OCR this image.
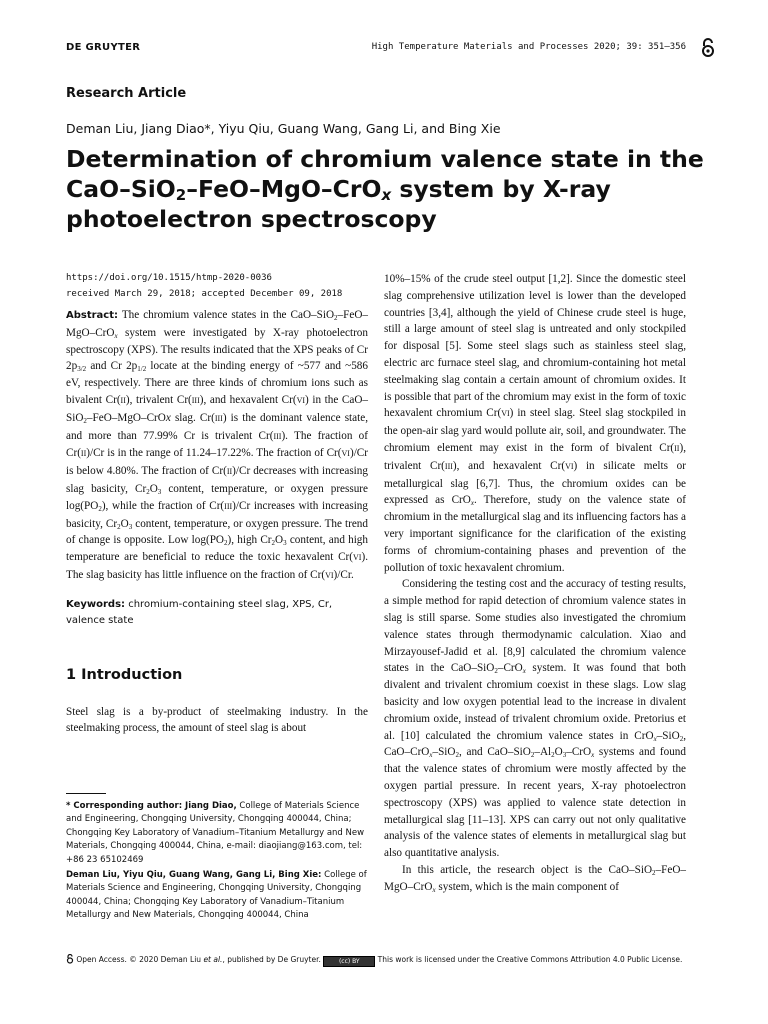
DE GRUYTER	High Temperature Materials and Processes 2020; 39: 351–356
Research Article
Deman Liu, Jiang Diao*, Yiyu Qiu, Guang Wang, Gang Li, and Bing Xie
Determination of chromium valence state in the
CaO–SiO$_2$–FeO–MgO–CrO$_x$ system by X-ray
photoelectron spectroscopy
https://doi.org/10.1515/htmp-2020-0036
received March 29, 2018; accepted December 09, 2018

Abstract: The chromium valence states in the CaO–SiO$_2$–FeO–MgO–CrO$_x$ system were investigated by X-ray photoelectron spectroscopy (XPS). The results indicated that the XPS peaks of Cr $2p_{3/2}$ and Cr $2p_{1/2}$ locate at the binding energy of ~577 and ~586 eV, respectively. There are three kinds of chromium ions such as bivalent Cr(II), trivalent Cr(III), and hexavalent Cr(VI) in the CaO–SiO$_2$–FeO–MgO–CrOx slag. Cr(III) is the dominant valence state, and more than 77.99% Cr is trivalent Cr(III). The fraction of Cr(II)/Cr is in the range of 11.24–17.22%. The fraction of Cr(VI)/Cr is below 4.80%. The fraction of Cr(II)/Cr decreases with increasing slag basicity, $Cr_2O_3$ content, temperature, or oxygen pressure $\log(PO_2)$, while the fraction of Cr(III)/Cr increases with increasing basicity, $Cr_2O_3$ content, temperature, or oxygen pressure. The trend of change is opposite. Low $\log(PO_2)$, high $Cr_2O_3$ content, and high temperature are beneficial to reduce the toxic hexavalent Cr(VI). The slag basicity has little influence on the fraction of Cr(VI)/Cr.

Keywords: chromium-containing steel slag, XPS, Cr, valence state

1 Introduction

Steel slag is a by-product of steelmaking industry. In the steelmaking process, the amount of steel slag is about

10%–15% of the crude steel output [1,2]. Since the domestic steel slag comprehensive utilization level is lower than the developed countries [3,4], although the yield of Chinese crude steel is huge, still a large amount of steel slag is untreated and only stockpiled for disposal [5]. Some steel slags such as stainless steel slag, electric arc furnace steel slag, and chromium-containing hot metal steelmaking slag contain a certain amount of chromium oxides. It is possible that part of the chromium may exist in the form of toxic hexavalent chromium Cr(VI) in steel slag. Steel slag stockpiled in the open-air slag yard would pollute air, soil, and groundwater. The chromium element may exist in the form of bivalent Cr(II), trivalent Cr(III), and hexavalent Cr(VI) in silicate melts or metallurgical slag [6,7]. Thus, the chromium oxides can be expressed as CrO$_x$. Therefore, study on the valence state of chromium in the metallurgical slag and its influencing factors has a very important significance for the clarification of the existing forms of chromium-containing phases and prevention of the pollution of toxic hexavalent chromium.

Considering the testing cost and the accuracy of testing results, a simple method for rapid detection of chromium valence states in slag is still sparse. Some studies also investigated the chromium valence states through thermodynamic calculation. Xiao and Mirzayousef-Jadid et al. [8,9] calculated the chromium valence states in the CaO–SiO$_2$–CrO$_x$ system. It was found that both divalent and trivalent chromium coexist in these slags. Low slag basicity and low oxygen potential lead to the increase in divalent chromium oxide, instead of trivalent chromium oxide. Pretorius et al. [10] calculated the chromium valence states in CrO$_x$–SiO$_2$, CaO–CrO$_x$–SiO$_2$, and CaO–$SiO_2-Al_2O_3-CrO_x$ systems and found that the valence states of chromium were mostly affected by the oxygen partial pressure. In recent years, X-ray photoelectron spectroscopy (XPS) was applied to valence state detection in metallurgical slag [11–13]. XPS can carry out not only qualitative analysis of the valence states of elements in metallurgical slag but also quantitative analysis.

In this article, the research object is the CaO–SiO$_2$–FeO–MgO–CrO$_x$ system, which is the main component of

* Corresponding author: Jiang Diao, College of Materials Science and Engineering, Chongqing University, Chongqing 400044, China; Chongqing Key Laboratory of Vanadium–Titanium Metallurgy and New Materials, Chongqing 400044, China, e-mail: diaojiang@163.com, tel: +86 23 65102469

Deman Liu, Yiyu Qiu, Guang Wang, Gang Li, Bing Xie: College of Materials Science and Engineering, Chongqing University, Chongqing 400044, China; Chongqing Key Laboratory of Vanadium–Titanium Metallurgy and New Materials, Chongqing 400044, China

Open Access. © 2020 Deman Liu et al., published by De Gruyter.	(cc) BY This work is licensed under the Creative Commons Attribution 4.0 Public License.
